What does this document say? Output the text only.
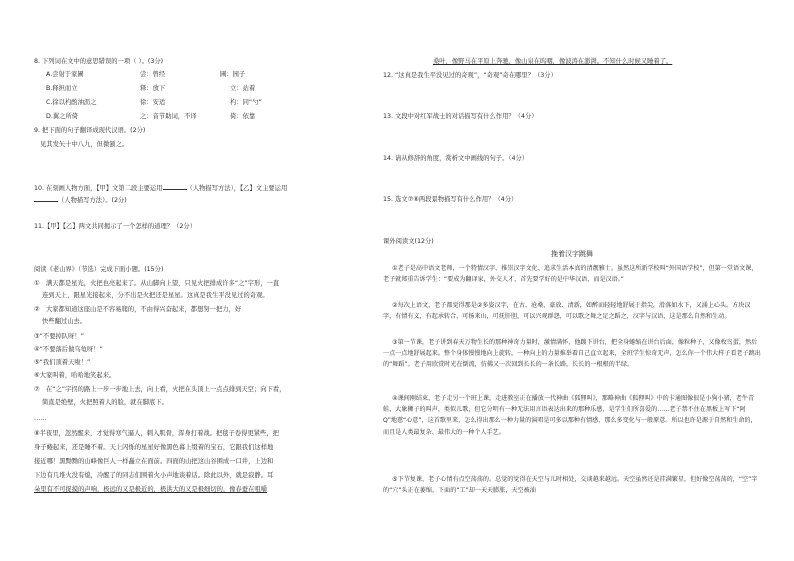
8. 下列词在文中的意思错误的一项（ ）。(3分)
A.尝射于家圃	尝：曾经	圃：园子
B.释担而立	释：放下	立：站着
C.徐以杓酌油沥之	徐：安适	杓：同“勺”
D.翼之所倚	之：音节助词，不译	倚：依靠
9. 把下面的句子翻译成现代汉语。(2分)
见其发矢十中八九，但微颔之。
10. 在刻画人物方面，【甲】文第二段主要运用	（人物描写方法），【乙】文主要运用
（人物描写方法）。(2分)
11.【甲】【乙】两文共同揭示了一个怎样的道理？（2分）
阅读《老山界》（节选）完成下面小题。(15分)
①　满天都是星光，火把也亮起来了。从山脚向上望，只见火把排成许多“之”字形，一直
连到天上，跟星光接起来，分不出是火把还是星星。这真是我生平没见过的奇观。
②　大家都知道这座山是不容易爬的，不由得兴奋起来，都想努一把力，好
快些翻过山去。
③“不要掉队呀！”
④“不要落后做乌龟呀！”
⑤“我们顶着天啦！”
⑥大家叫着，哈哈地笑起来。
⑦　在“之”字拐的路上一步一步地上去，向上看，火把在头顶上一点点排到天空；向下看，
简直是绝壁，火把照着人的脸，就在脚底下。
……
⑧半夜里，忽然醒来，才觉得寒气逼人，刺入肌骨，浑身打着战。把毯子卷得更紧些，把
身子蜷起来，还是睡不着。天上闪烁的星星好像黑色幕上缀着的宝石，它跟我们这样地
接近哪！黑黝黝的山峰像巨人一样矗立在面前。四面的山把这山谷围成一口井，上边和
下边有几堆火没有熄，冷醒了的同志们围着火小声地谈着话。除此以外，就是寂静。耳
朵里有不可捉摸的声响，极远的又是极近的，极洪大的又是极细切的，像春蚕在咀嚼
桑叶，像野马在平原上奔驰，像山泉在呜咽，像波涛在澎湃。不知什么时候又睡着了。
12. “这真是我生平没见过的奇观”，“奇观”奇在哪里？（3分）
13. 文段中对红军战士的对话描写有什么作用？（4分）
14. 请从修辞的角度，赏析文中画线的句子。（4分）
15. 选文⑦⑧两段景物描写有什么作用？（4分）
课外阅读文(12分)
挽着汉字跳舞
①老子是高中语文老师，一个特情汉字、推崇汉字文化、追求生活本真的清靓雅士。虽然这所新学校叫“外国语学校”，但第一堂语文课，老子就郑重告诉学生：“要成为翻译家，外交人才，首先要学好的是中华汉语，而是汉语。”
②每次上语文，老子都觉得那是②多姿汉字，在古、沧桑、豪放、清新，如醉而轻轻地舒展于指尖，滑落如水下，又涌上心头。方块汉字，有情有义，有起承转合，可扬来山，可抚肝胆，可以兴观群怨，可以歌之舞之足之蹈之，汉字与汉语，这是那么自然和生动。
③第一节课，老子讲到春天万物生长的那种神奇力量时，激情满怀，他踱下讲台，把全身蜷缩在讲台后面，像粒种子，又像枚鸟蛋，然后一点一点地舒展起来。整个身体慢慢地向上旋转，一种向上的力量推举着自己直立起来，全班学生惊奇无声，怎么你一个伟大样子看老子跳出的“舞蹈”。老子用欣赏时光在倒流，仿佛又一次回到长长的一条长路，长长的一根根的半绿。
④课间刚结束，老子走另一个班上课，走进教室正在播放一代神曲《狐狸叫》，那略神曲《狐狸叫》中的卡通图像很是小狗小猪，老牛青蛙、大象狮子的叫声，类似儿歌，但它分明有一种无法用言语表达出来的那种乐感，是学生们所喜爱的……老子禁不住在黑板上写下“阿 Q”地慈“心意”，这首歌里来，怎么得出那么一种力量的演唱是可多以那种有情感，那么多变化与一般原意。所以也许是源于自然和生命的，而且是人类最复杂、最伟大的一种个人手艺。
⑤下节复课，老子心情有点空荡荡的。总觉的觉得在天空与儿时相处，交谈越来越远。天空虽然还是挂满繁星，但好像空荡荡的，“空”字的“穴”头正在萎缩，下面的“工”却一天天膨胀，天空被油
